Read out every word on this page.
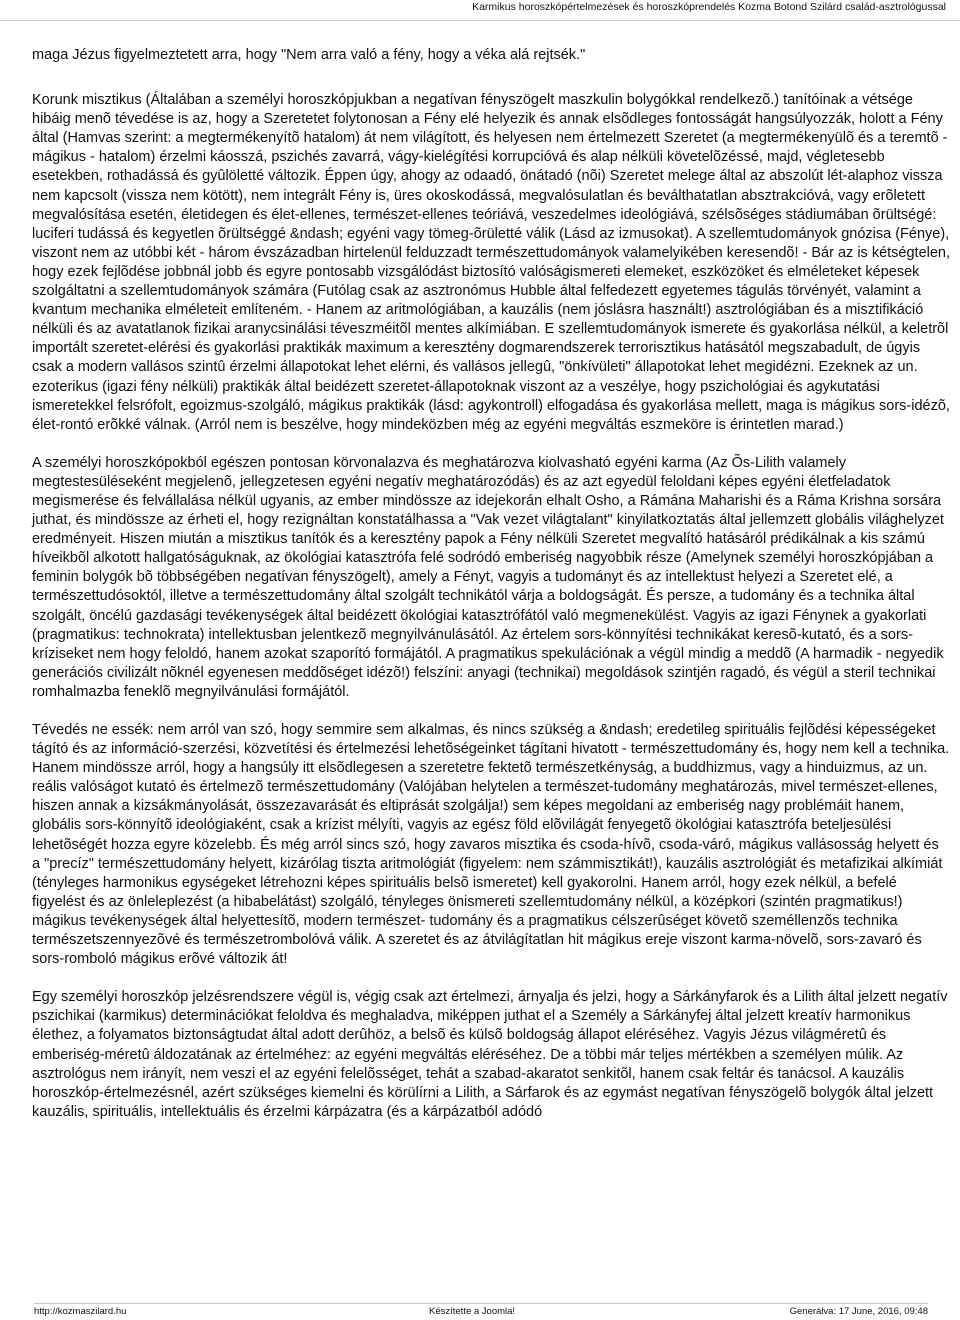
Karmikus horoszkópértelmezések és horoszkóprendelés Kozma Botond Szilárd család-asztrológussal

maga Jézus figyelmeztetett arra, hogy "Nem arra való a fény, hogy a véka alá rejtsék."

Korunk misztikus (Általában a személyi horoszkópjukban a negatívan fényszögelt maszkulin bolygókkal rendelkezõ.) tanítóinak a vétsége hibáig menõ tévedése is az, hogy a Szeretetet folytonosan a Fény elé helyezik és annak elsõdleges fontosságát hangsúlyozzák, holott a Fény által (Hamvas szerint: a megtermékenyítõ hatalom) át nem világított, és helyesen nem értelmezett Szeretet (a megtermékenyülõ és a teremtõ - mágikus - hatalom) érzelmi káosszá, pszichés zavarrá, vágy-kielégítési korrupcióvá és alap nélküli követelõzéssé, majd, végletesebb esetekben, rothadássá és gyûlöletté változik. Éppen úgy, ahogy az odaadó, önátadó (nõi) Szeretet melege által az abszolút lét-alaphoz vissza nem kapcsolt (vissza nem kötött), nem integrált Fény is, üres okoskodássá, megvalósulatlan és beválthatatlan absztrakcióvá, vagy erõletett megvalósítása esetén, életidegen és élet-ellenes, természet-ellenes teóriává, veszedelmes ideológiává, szélsõséges stádiumában õrültségé: luciferi tudássá és kegyetlen õrültséggé &ndash; egyéni vagy tömeg-õrületté válik (Lásd az izmusokat). A szellemtudományok gnózisa (Fénye), viszont nem az utóbbi két - három évszázadban hirtelenül felduzzadt természettudományok valamelyikében keresendõ! - Bár az is kétségtelen, hogy ezek fejlõdése jobbnál jobb és egyre pontosabb vizsgálódást biztosító valóságismereti elemeket, eszközöket és elméleteket képesek szolgáltatni a szellemtudományok számára (Futólag csak az asztronómus Hubble által felfedezett egyetemes tágulás törvényét, valamint a kvantum mechanika elméleteit említeném. - Hanem az aritmológiában, a kauzális (nem jóslásra használt!) asztrológiában és a misztifikáció nélküli és az avatatlanok fizikai aranycsinálási téveszméitõl mentes alkímiában. E szellemtudományok ismerete és gyakorlása nélkül, a keletrõl importált szeretet-elérési és gyakorlási praktikák maximum a keresztény dogmarendszerek terrorisztikus hatásától megszabadult, de úgyis csak a modern vallásos szintû érzelmi állapotokat lehet elérni, és vallásos jellegû, "önkívületi" állapotokat lehet megidézni. Ezeknek az un. ezoterikus (igazi fény nélküli) praktikák által beidézett szeretet-állapotoknak viszont az a veszélye, hogy pszichológiai és agykutatási ismeretekkel felsrófolt, egoizmus-szolgáló, mágikus praktikák (lásd: agykontroll) elfogadása és gyakorlása mellett, maga is mágikus sors-idézõ, élet-rontó erõkké válnak. (Arról nem is beszélve, hogy mindeközben még az egyéni megváltás eszmeköre is érintetlen marad.)

A személyi horoszkópokból egészen pontosan körvonalazva és meghatározva kiolvasható egyéni karma (Az Õs-Lilith valamely megtestesüléseként megjelenõ, jellegzetesen egyéni negatív meghatározódás) és az azt egyedül feloldani képes egyéni életfeladatok megismerése és felvállalása nélkül ugyanis, az ember mindössze az idejekorán elhalt Osho, a Rámána Maharishi és a Ráma Krishna sorsára juthat, és mindössze az érheti el, hogy rezignáltan konstatálhassa a "Vak vezet világtalant" kinyilatkoztatás által jellemzett globális világhelyzet eredményeit. Hiszen miután a misztikus tanítók és a keresztény papok a Fény nélküli Szeretet megvalító hatásáról prédikálnak a kis számú híveikbõl alkotott hallgatóságuknak, az ökológiai katasztrófa felé sodródó emberiség nagyobbik része (Amelynek személyi horoszkópjában a feminin bolygók bõ többségében negatívan fényszögelt), amely a Fényt, vagyis a tudományt és az intellektust helyezi a Szeretet elé, a természettudósoktól, illetve a természettudomány által szolgált technikától várja a boldogságát. És persze, a tudomány és a technika által szolgált, öncélú gazdasági tevékenységek által beidézett ökológiai katasztrófától való megmenekülést. Vagyis az igazi Fénynek a gyakorlati (pragmatikus: technokrata) intellektusban jelentkezõ megnyilvánulásától. Az értelem sors-könnyítési technikákat keresõ-kutató, és a sors-kríziseket nem hogy feloldó, hanem azokat szaporító formájától. A pragmatikus spekulációnak a végül mindig a meddõ (A harmadik - negyedik generációs civilizált nõknél egyenesen meddõséget idézõ!) felszíni: anyagi (technikai) megoldások szintjén ragadó, és végül a steril technikai romhalmazba feneklõ megnyilvánulási formájától.

Tévedés ne essék: nem arról van szó, hogy semmire sem alkalmas, és nincs szükség a &ndash; eredetileg spirituális fejlõdési képességeket tágító és az információ-szerzési, közvetítési és értelmezési lehetõségeinket tágítani hivatott - természettudomány és, hogy nem kell a technika. Hanem mindössze arról, hogy a hangsúly itt elsõdlegesen a szeretetre fektetõ természetkényság, a buddhizmus, vagy a hinduizmus, az un. reális valóságot kutató és értelmezõ természettudomány (Valójában helytelen a természet-tudomány meghatározás, mivel természet-ellenes, hiszen annak a kizsákmányolását, összezavarását és eltiprását szolgálja!) sem képes megoldani az emberiség nagy problémáit hanem, globális sors-könnyítõ ideológiaként, csak a krízist mélyíti, vagyis az egész föld elõvilágát fenyegetõ ökológiai katasztrófa beteljesülési lehetõségét hozza egyre közelebb. És még arról sincs szó, hogy zavaros misztika és csoda-hívõ, csoda-váró, mágikus vallásosság helyett és a "precíz" természettudomány helyett, kizárólag tiszta aritmológiát (figyelem: nem számmisztikát!), kauzális asztrológiát és metafizikai alkímiát (tényleges harmonikus egységeket létrehozni képes spirituális belsõ ismeretet) kell gyakorolni. Hanem arról, hogy ezek nélkül, a befelé figyelést és az önleleplezést (a hibabelátást) szolgáló, tényleges önismereti szellemtudomány nélkül, a középkori (szintén pragmatikus!) mágikus tevékenységek által helyettesítõ, modern természet- tudomány és a pragmatikus célszerûséget követõ személlenzõs technika természetszennyezõvé és természetrombolóvá válik. A szeretet és az átvilágítatlan hit mágikus ereje viszont karma-növelõ, sors-zavaró és sors-romboló mágikus erõvé változik át!

Egy személyi horoszkóp jelzésrendszere végül is, végig csak azt értelmezi, árnyalja és jelzi, hogy a Sárkányfarok és a Lilith által jelzett negatív pszichikai (karmikus) determinációkat feloldva és meghaladva, miképpen juthat el a Személy a Sárkányfej által jelzett kreatív harmonikus élethez, a folyamatos biztonságtudat által adott derûhöz, a belsõ és külsõ boldogság állapot eléréséhez. Vagyis Jézus világméretû és emberiség-méretû áldozatának az értelméhez: az egyéni megváltás eléréséhez. De a többi már teljes mértékben a személyen múlik. Az asztrológus nem irányít, nem veszi el az egyéni felelõsséget, tehát a szabad-akaratot senkitõl, hanem csak feltár és tanácsol. A kauzális horoszkóp-értelmezésnél, azért szükséges kiemelni és körülírni a Lilith, a Sárfarok és az egymást negatívan fényszögelõ bolygók által jelzett kauzális, spirituális, intellektuális és érzelmi kárpázatra (és a kárpázatból adódó

http://kozmaszilard.hu	Készítette a Joomla!	Generálva: 17 June, 2016, 09:48
